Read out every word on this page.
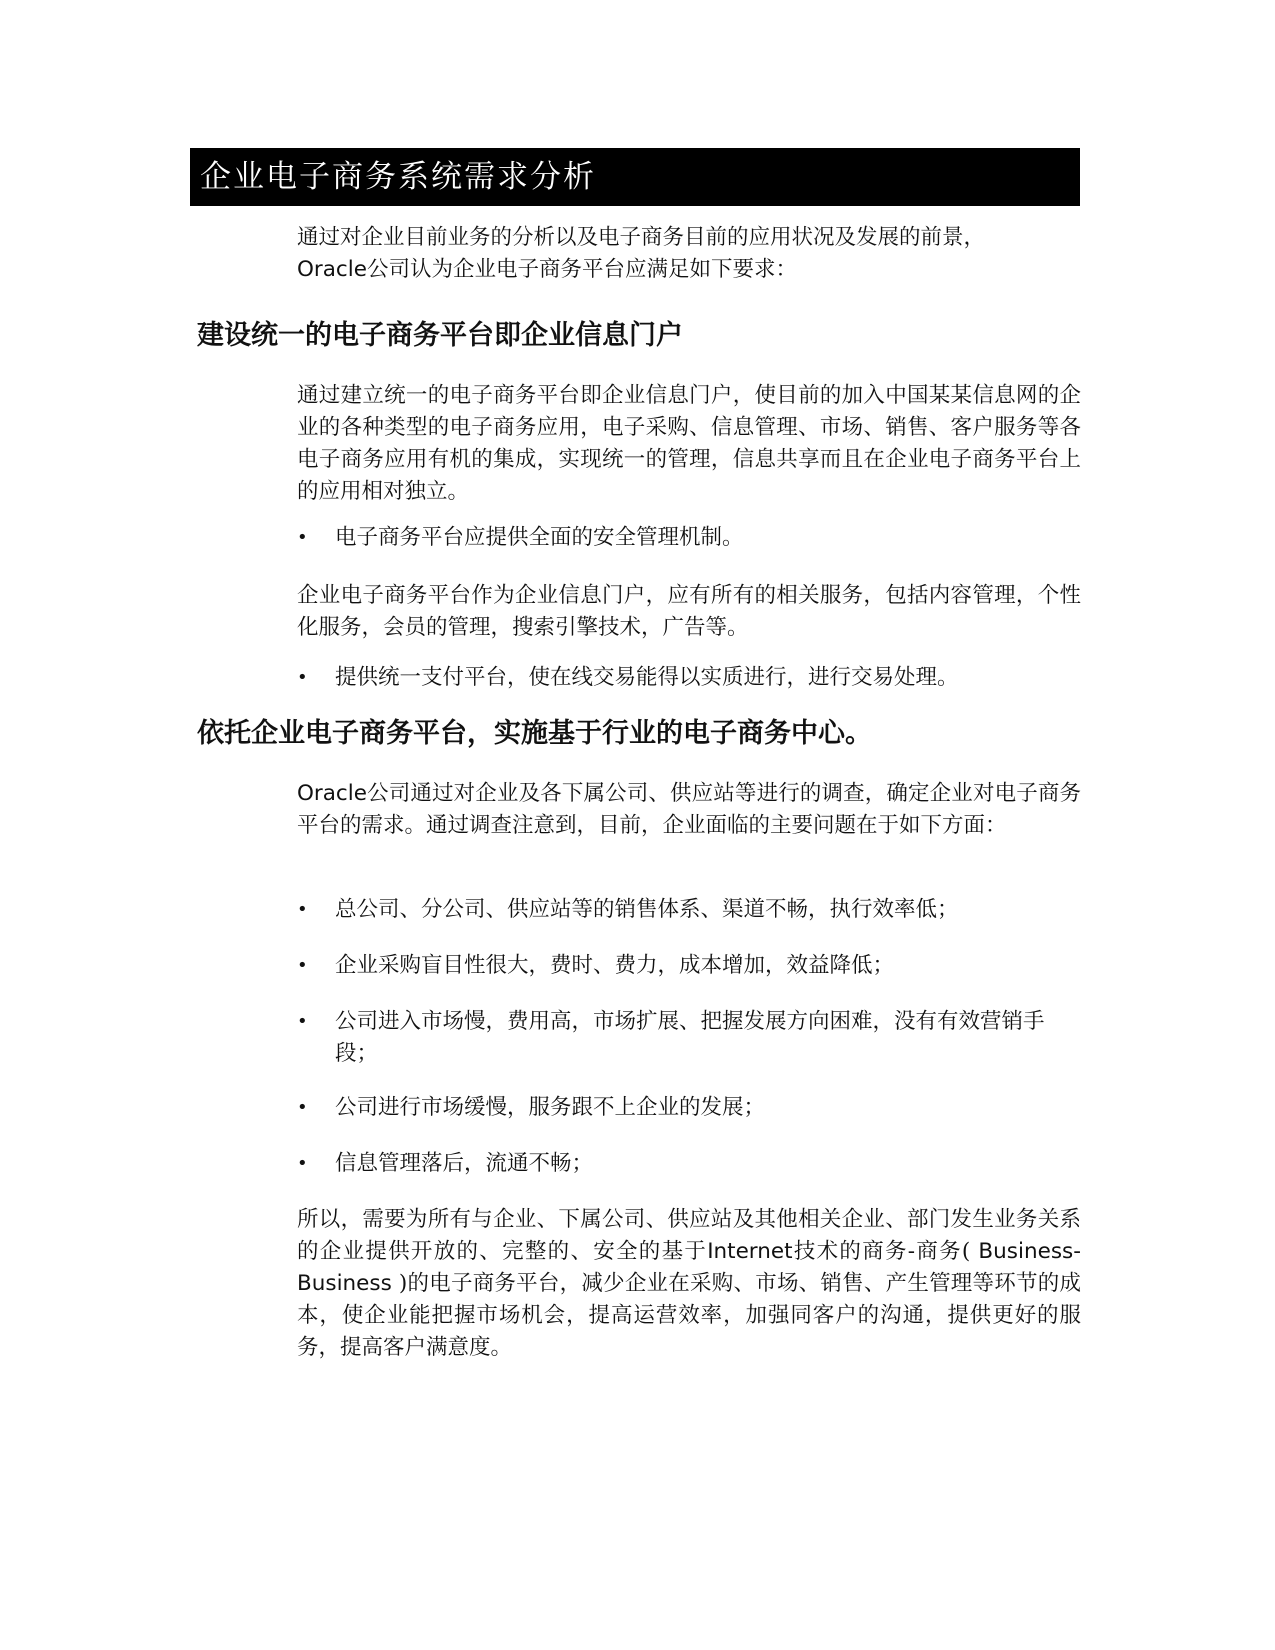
企业电子商务系统需求分析

通过对企业目前业务的分析以及电子商务目前的应用状况及发展的前景，
Oracle公司认为企业电子商务平台应满足如下要求：

建设统一的电子商务平台即企业信息门户

通过建立统一的电子商务平台即企业信息门户，使目前的加入中国某某信息网的企业的各种类型的电子商务应用，电子采购、信息管理、市场、销售、客户服务等各电子商务应用有机的集成，实现统一的管理，信息共享而且在企业电子商务平台上的应用相对独立。

•	电子商务平台应提供全面的安全管理机制。

企业电子商务平台作为企业信息门户，应有所有的相关服务，包括内容管理，个性化服务，会员的管理，搜索引擎技术，广告等。

•	提供统一支付平台，使在线交易能得以实质进行，进行交易处理。
依托企业电子商务平台，实施基于行业的电子商务中心。

Oracle公司通过对企业及各下属公司、供应站等进行的调查，确定企业对电子商务平台的需求。通过调查注意到，目前，企业面临的主要问题在于如下方面：

•	总公司、分公司、供应站等的销售体系、渠道不畅，执行效率低；
•	企业采购盲目性很大，费时、费力，成本增加，效益降低；
•	公司进入市场慢，费用高，市场扩展、把握发展方向困难，没有有效营销手段；
•	公司进行市场缓慢，服务跟不上企业的发展；
•	信息管理落后，流通不畅；

所以，需要为所有与企业、下属公司、供应站及其他相关企业、部门发生业务关系的企业提供开放的、完整的、安全的基于Internet技术的商务-商务( Business-Business )的电子商务平台，减少企业在采购、市场、销售、产生管理等环节的成本，使企业能把握市场机会，提高运营效率，加强同客户的沟通，提供更好的服务，提高客户满意度。
